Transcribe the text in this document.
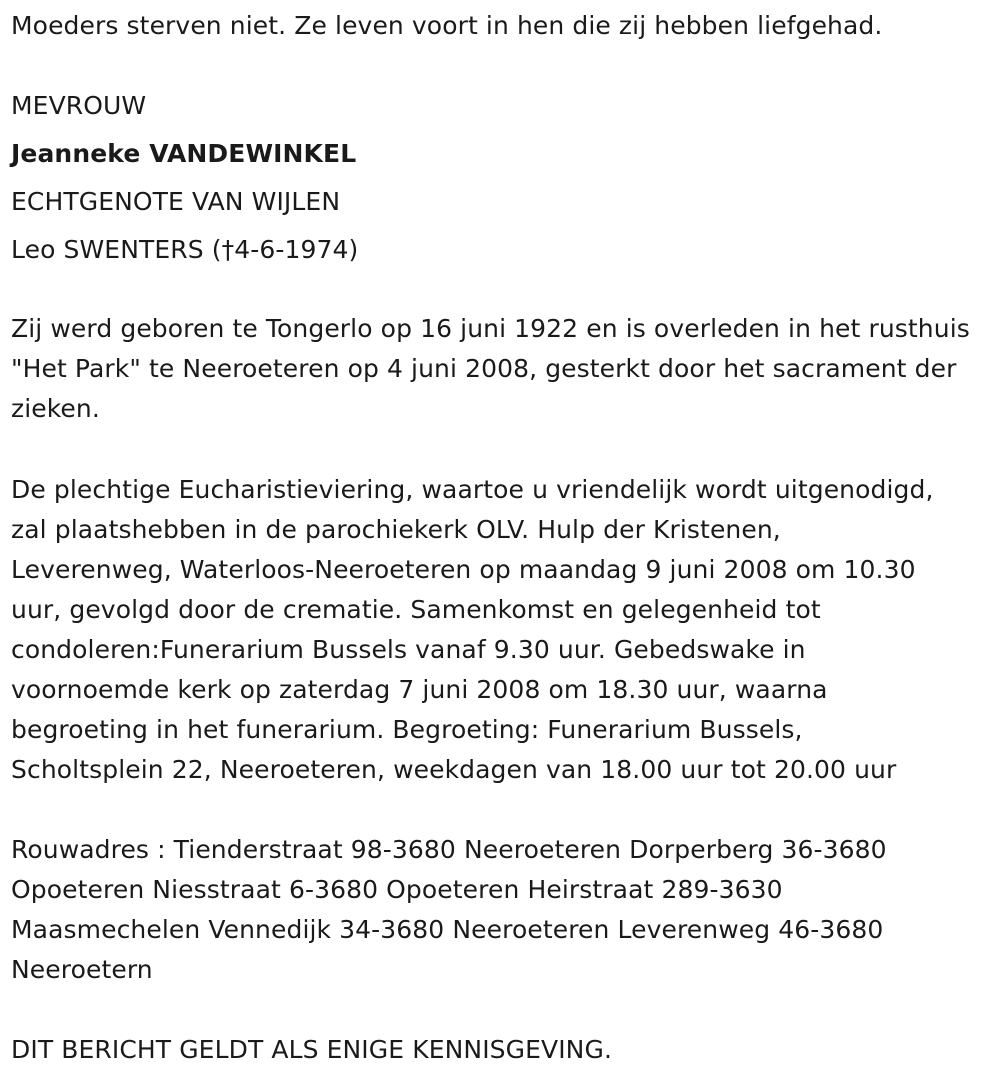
Moeders sterven niet. Ze leven voort in hen die zij hebben liefgehad.
MEVROUW
Jeanneke VANDEWINKEL
ECHTGENOTE VAN WIJLEN
Leo SWENTERS (†4-6-1974)
Zij werd geboren te Tongerlo op 16 juni 1922 en is overleden in het rusthuis "Het Park" te Neeroeteren op 4 juni 2008, gesterkt door het sacrament der zieken.
De plechtige Eucharistieviering, waartoe u vriendelijk wordt uitgenodigd,
zal plaatshebben in de parochiekerk OLV. Hulp der Kristenen,
Leverenweg, Waterloos-Neeroeteren op maandag 9 juni 2008 om 10.30
uur, gevolgd door de crematie. Samenkomst en gelegenheid tot
condoleren:Funerarium Bussels vanaf 9.30 uur. Gebedswake in
voornoemde kerk op zaterdag 7 juni 2008 om 18.30 uur, waarna
begroeting in het funerarium. Begroeting: Funerarium Bussels,
Scholtsplein 22, Neeroeteren, weekdagen van 18.00 uur tot 20.00 uur
Rouwadres : Tienderstraat 98-3680 Neeroeteren Dorperberg 36-3680
Opoeteren Niesstraat 6-3680 Opoeteren Heirstraat 289-3630
Maasmechelen Vennedijk 34-3680 Neeroeteren Leverenweg 46-3680
Neeroetern
DIT BERICHT GELDT ALS ENIGE KENNISGEVING.
